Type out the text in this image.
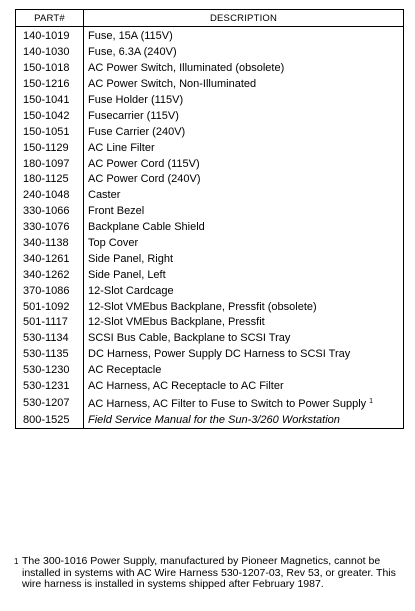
PART#	DESCRIPTION
140-1019	Fuse, 15A (115V)
140-1030	Fuse, 6.3A (240V)
150-1018	AC Power Switch, Illuminated (obsolete)
150-1216	AC Power Switch, Non-Illuminated
150-1041	Fuse Holder (115V)
150-1042	Fusecarrier (115V)
150-1051	Fuse Carrier (240V)
150-1129	AC Line Filter
180-1097	AC Power Cord (115V)
180-1125	AC Power Cord (240V)
240-1048	Caster
330-1066	Front Bezel
330-1076	Backplane Cable Shield
340-1138	Top Cover
340-1261	Side Panel, Right
340-1262	Side Panel, Left
370-1086	12-Slot Cardcage
501-1092	12-Slot VMEbus Backplane, Pressfit (obsolete)
501-1117	12-Slot VMEbus Backplane, Pressfit
530-1134	SCSI Bus Cable, Backplane to SCSI Tray
530-1135	DC Harness, Power Supply DC Harness to SCSI Tray
530-1230	AC Receptacle
530-1231	AC Harness, AC Receptacle to AC Filter
530-1207	AC Harness, AC Filter to Fuse to Switch to Power Supply $^1$
800-1525	Field Service Manual for the Sun-3/260 Workstation
1 The 300-1016 Power Supply, manufactured by Pioneer Magnetics, cannot be installed in systems with AC Wire Harness 530-1207-03, Rev 53, or greater. This wire harness is installed in systems shipped after February 1987.
